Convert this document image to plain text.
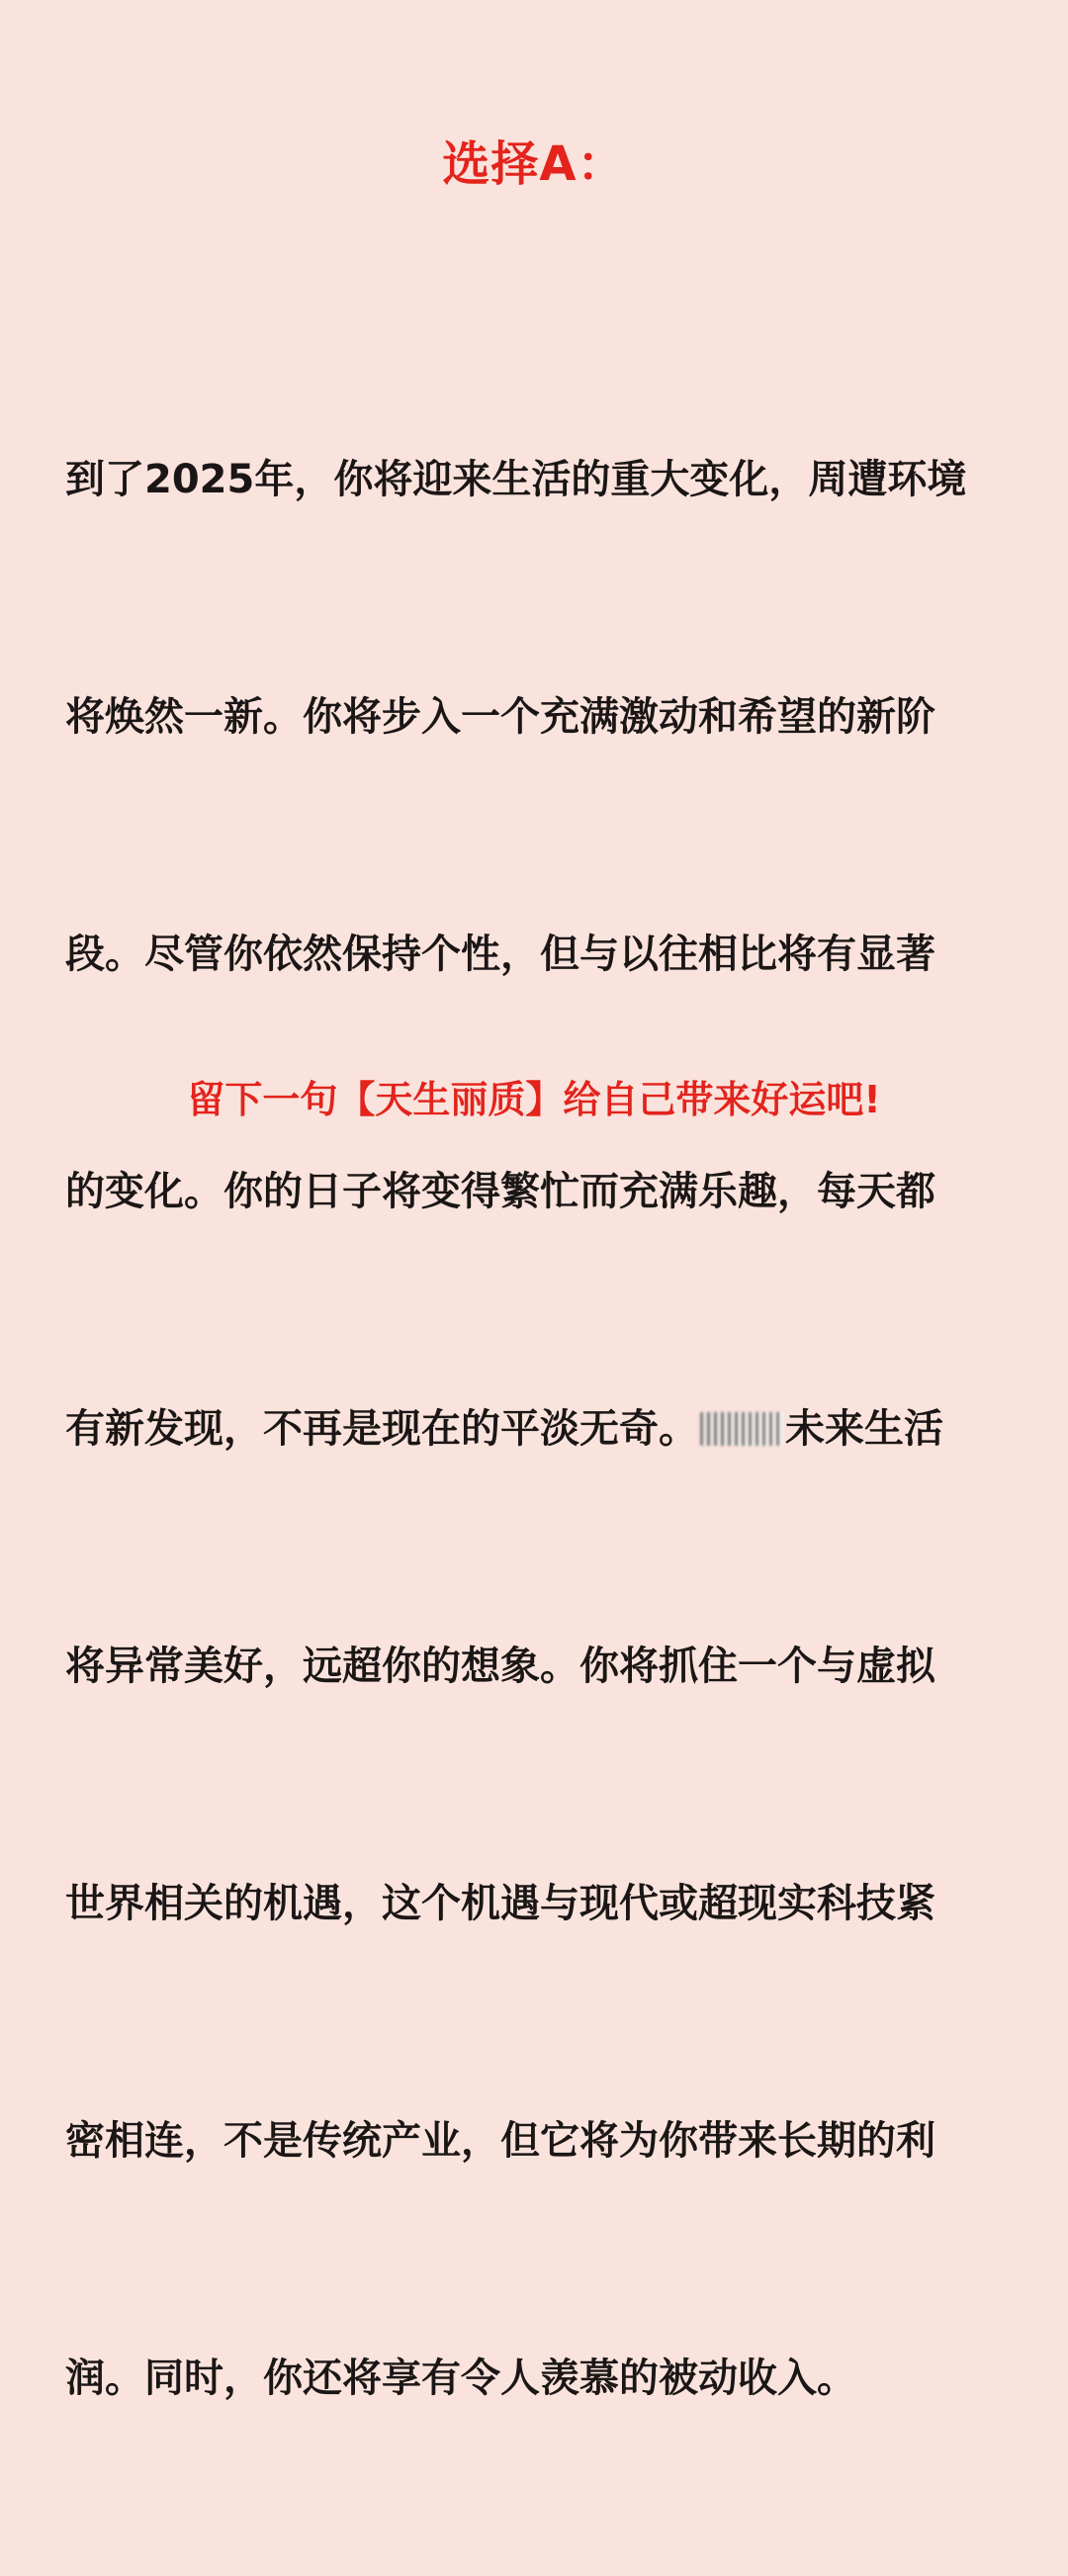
选择A：

到了2025年，你将迎来生活的重大变化，周遭环境

将焕然一新。你将步入一个充满激动和希望的新阶

段。尽管你依然保持个性，但与以往相比将有显著

的变化。你的日子将变得繁忙而充满乐趣，每天都

有新发现，不再是现在的平淡无奇。 未来生活

将异常美好，远超你的想象。你将抓住一个与虚拟

世界相关的机遇，这个机遇与现代或超现实科技紧

密相连，不是传统产业，但它将为你带来长期的利

润。同时，你还将享有令人羡慕的被动收入。

留下一句【天生丽质】给自己带来好运吧!
